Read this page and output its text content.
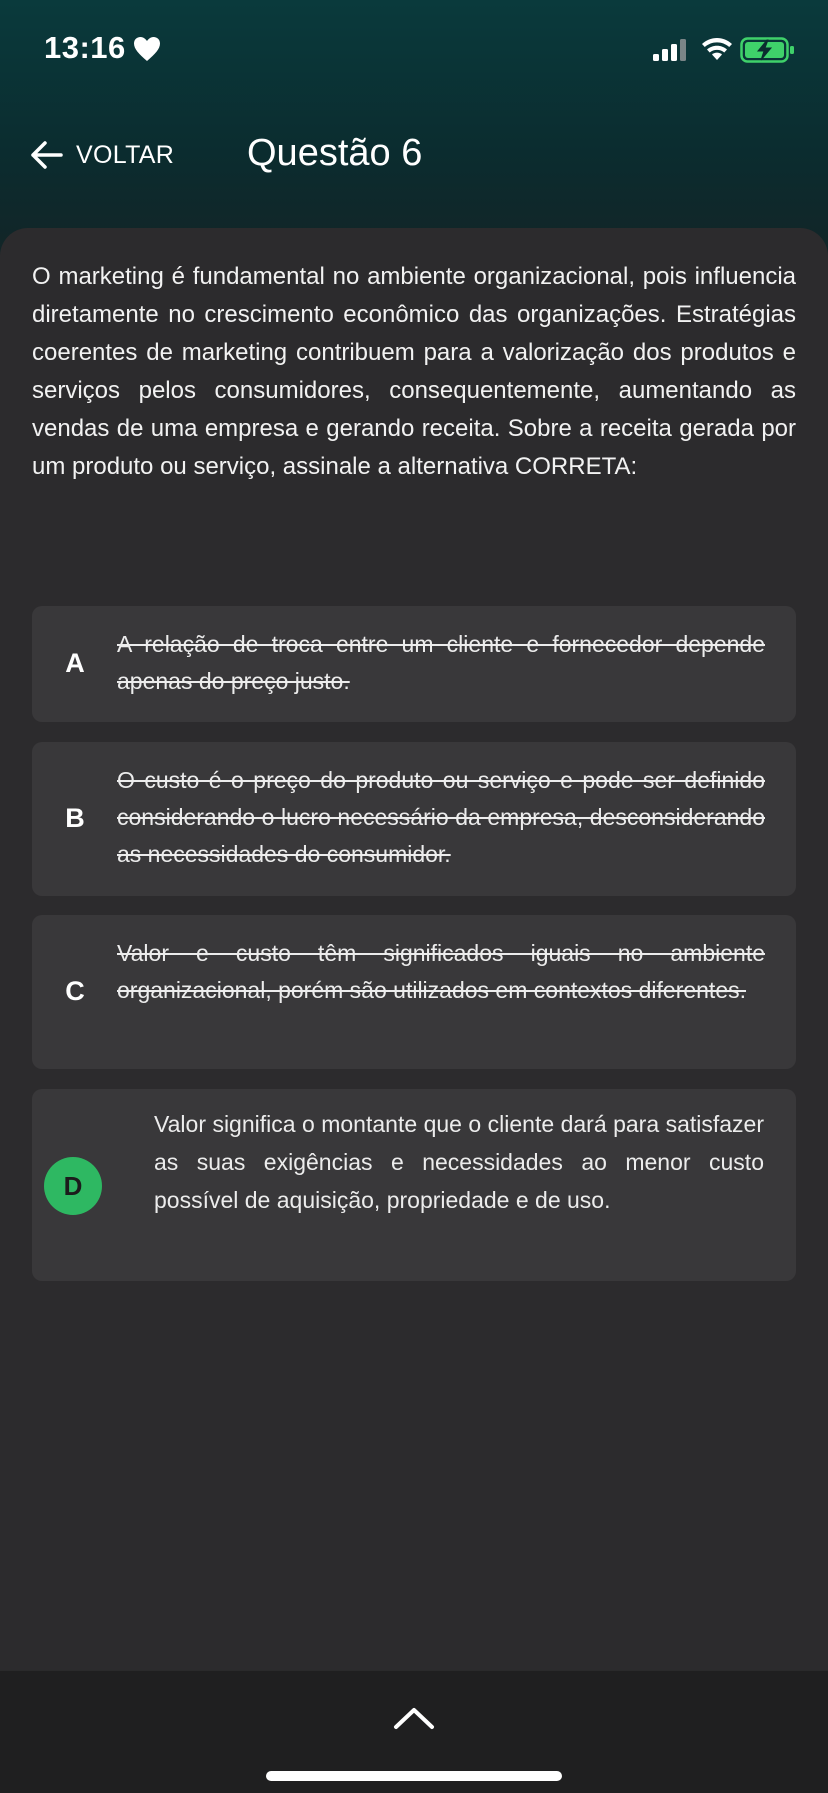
13:16
VOLTAR Questão 6
O marketing é fundamental no ambiente organizacional, pois influencia diretamente no crescimento econômico das organizações. Estratégias coerentes de marketing contribuem para a valorização dos produtos e serviços pelos consumidores, consequentemente, aumentando as vendas de uma empresa e gerando receita. Sobre a receita gerada por um produto ou serviço, assinale a alternativa CORRETA:
A
A relação de troca entre um cliente e fornecedor depende apenas do preço justo.
B
O custo é o preço do produto ou serviço e pode ser definido considerando o lucro necessário da empresa, desconsiderando as necessidades do consumidor.
C
Valor e custo têm significados iguais no ambiente organizacional, porém são utilizados em contextos diferentes.
D
Valor significa o montante que o cliente dará para satisfazer as suas exigências e necessidades ao menor custo possível de aquisição, propriedade e de uso.
